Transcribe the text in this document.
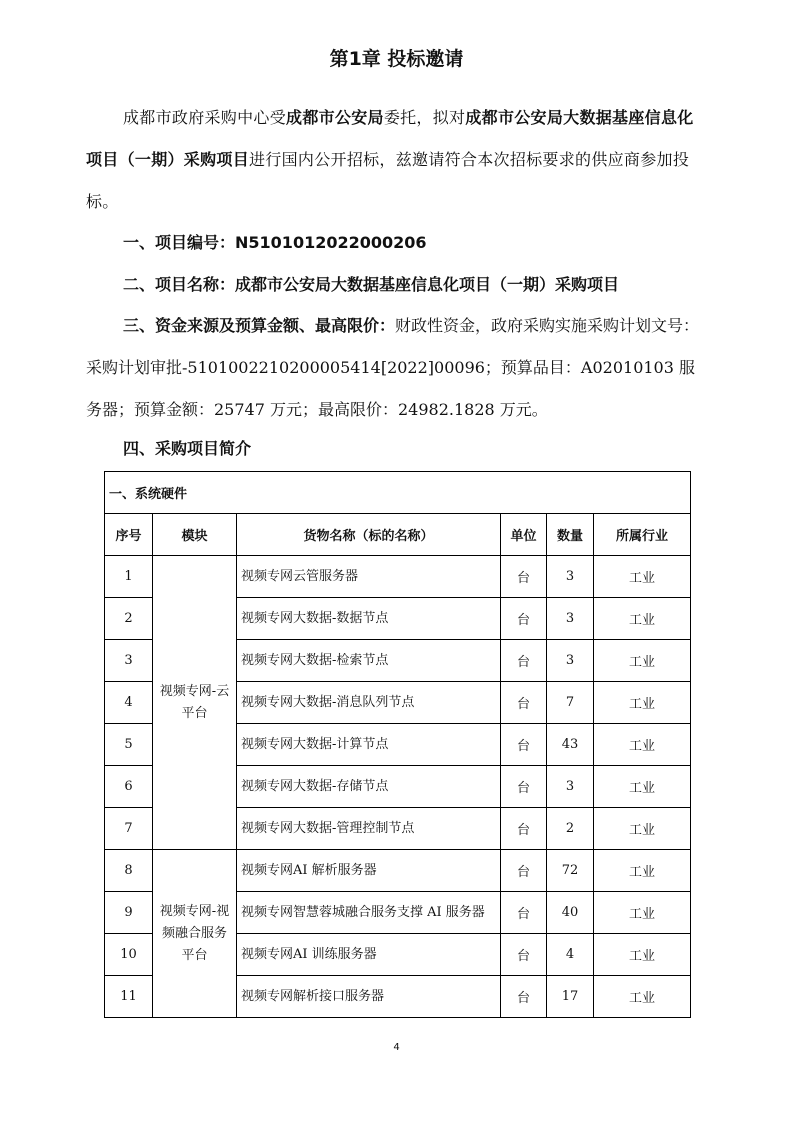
第1章 投标邀请
成都市政府采购中心受成都市公安局委托，拟对成都市公安局大数据基座信息化项目（一期）采购项目进行国内公开招标，兹邀请符合本次招标要求的供应商参加投标。
一、项目编号：N5101012022000206
二、项目名称：成都市公安局大数据基座信息化项目（一期）采购项目
三、资金来源及预算金额、最高限价：财政性资金，政府采购实施采购计划文号：采购计划审批-5101002210200005414[2022]00096；预算品目：A02010103 服务器；预算金额：25747 万元；最高限价：24982.1828 万元。
四、采购项目简介
一、系统硬件					
序号	模块	货物名称（标的名称）	单位	数量	所属行业
1	视频专网-云平台	视频专网云管服务器	台	3	工业
2		视频专网大数据-数据节点	台	3	工业
3		视频专网大数据-检索节点	台	3	工业
4		视频专网大数据-消息队列节点	台	7	工业
5		视频专网大数据-计算节点	台	43	工业
6		视频专网大数据-存储节点	台	3	工业
7		视频专网大数据-管理控制节点	台	2	工业
8	视频专网-视频融合服务平台	视频专网AI 解析服务器	台	72	工业
9		视频专网智慧蓉城融合服务支撑 AI 服务器	台	40	工业
10		视频专网AI 训练服务器	台	4	工业
11		视频专网解析接口服务器	台	17	工业
4
